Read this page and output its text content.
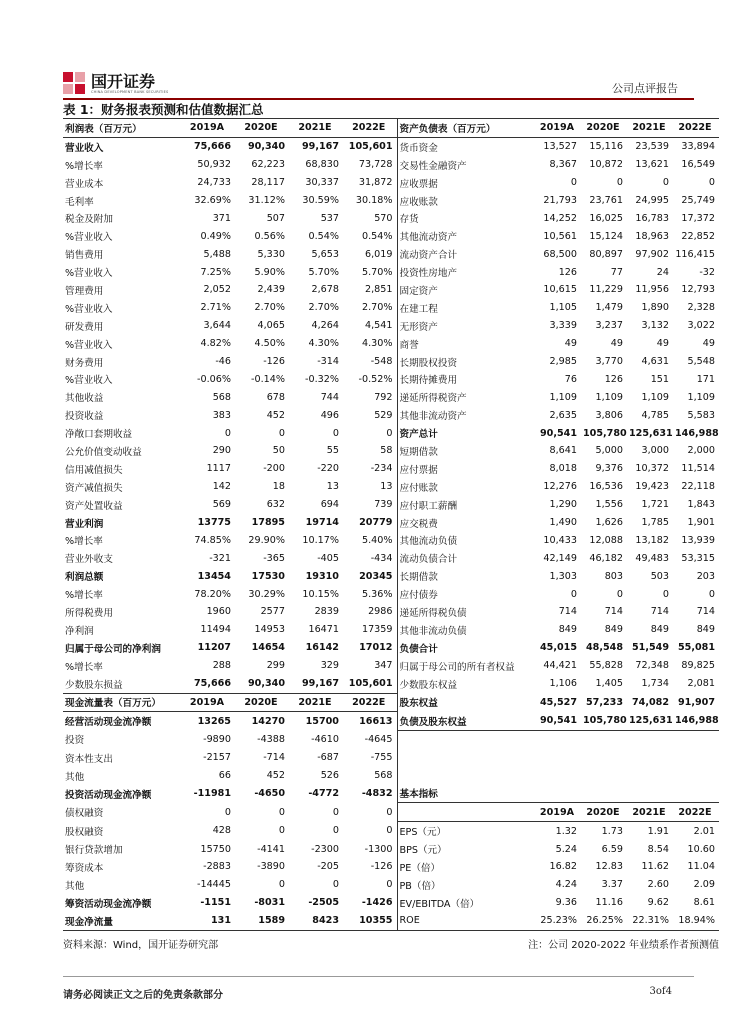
国开证券
CHINA DEVELOPMENT BANK SECURITIES	公司点评报告
表 1：财务报表预测和估值数据汇总
利润表（百万元）	2019A	2020E	2021E	2022E	资产负债表（百万元）	2019A	2020E	2021E	2022E
营业收入	75,666	90,340	99,167	105,601	货币资金	13,527	15,116	23,539	33,894
%增长率	50,932	62,223	68,830	73,728	交易性金融资产	8,367	10,872	13,621	16,549
营业成本	24,733	28,117	30,337	31,872	应收票据	0	0	0	0
毛利率	32.69%	31.12%	30.59%	30.18%	应收账款	21,793	23,761	24,995	25,749
税金及附加	371	507	537	570	存货	14,252	16,025	16,783	17,372
%营业收入	0.49%	0.56%	0.54%	0.54%	其他流动资产	10,561	15,124	18,963	22,852
销售费用	5,488	5,330	5,653	6,019	流动资产合计	68,500	80,897	97,902	116,415
%营业收入	7.25%	5.90%	5.70%	5.70%	投资性房地产	126	77	24	-32
管理费用	2,052	2,439	2,678	2,851	固定资产	10,615	11,229	11,956	12,793
%营业收入	2.71%	2.70%	2.70%	2.70%	在建工程	1,105	1,479	1,890	2,328
研发费用	3,644	4,065	4,264	4,541	无形资产	3,339	3,237	3,132	3,022
%营业收入	4.82%	4.50%	4.30%	4.30%	商誉	49	49	49	49
财务费用	-46	-126	-314	-548	长期股权投资	2,985	3,770	4,631	5,548
%营业收入	-0.06%	-0.14%	-0.32%	-0.52%	长期待摊费用	76	126	151	171
其他收益	568	678	744	792	递延所得税资产	1,109	1,109	1,109	1,109
投资收益	383	452	496	529	其他非流动资产	2,635	3,806	4,785	5,583
净敞口套期收益	0	0	0	0	资产总计	90,541	105,780	125,631	146,988
公允价值变动收益	290	50	55	58	短期借款	8,641	5,000	3,000	2,000
信用减值损失	1117	-200	-220	-234	应付票据	8,018	9,376	10,372	11,514
资产减值损失	142	18	13	13	应付账款	12,276	16,536	19,423	22,118
资产处置收益	569	632	694	739	应付职工薪酬	1,290	1,556	1,721	1,843
营业利润	13775	17895	19714	20779	应交税费	1,490	1,626	1,785	1,901
%增长率	74.85%	29.90%	10.17%	5.40%	其他流动负债	10,433	12,088	13,182	13,939
营业外收支	-321	-365	-405	-434	流动负债合计	42,149	46,182	49,483	53,315
利润总额	13454	17530	19310	20345	长期借款	1,303	803	503	203
%增长率	78.20%	30.29%	10.15%	5.36%	应付债券	0	0	0	0
所得税费用	1960	2577	2839	2986	递延所得税负债	714	714	714	714
净利润	11494	14953	16471	17359	其他非流动负债	849	849	849	849
归属于母公司的净利润	11207	14654	16142	17012	负债合计	45,015	48,548	51,549	55,081
%增长率	288	299	329	347	归属于母公司的所有者权益	44,421	55,828	72,348	89,825
少数股东损益	75,666	90,340	99,167	105,601	少数股东权益	1,106	1,405	1,734	2,081
现金流量表（百万元）	2019A	2020E	2021E	2022E	股东权益	45,527	57,233	74,082	91,907
经营活动现金流净额	13265	14270	15700	16613	负债及股东权益	90,541	105,780	125,631	146,988
投资	-9890	-4388	-4610	-4645					
资本性支出	-2157	-714	-687	-755					
其他	66	452	526	568					
投资活动现金流净额	-11981	-4650	-4772	-4832	基本指标				
债权融资	0	0	0	0		2019A	2020E	2021E	2022E
股权融资	428	0	0	0	EPS（元）	1.32	1.73	1.91	2.01
银行贷款增加	15750	-4141	-2300	-1300	BPS（元）	5.24	6.59	8.54	10.60
筹资成本	-2883	-3890	-205	-126	PE（倍）	16.82	12.83	11.62	11.04
其他	-14445	0	0	0	PB（倍）	4.24	3.37	2.60	2.09
筹资活动现金流净额	-1151	-8031	-2505	-1426	EV/EBITDA（倍）	9.36	11.16	9.62	8.61
现金净流量	131	1589	8423	10355	ROE	25.23%	26.25%	22.31%	18.94%
资料来源：Wind，国开证券研究部	注：公司 2020-2022 年业绩系作者预测值
请务必阅读正文之后的免责条款部分	3of4
